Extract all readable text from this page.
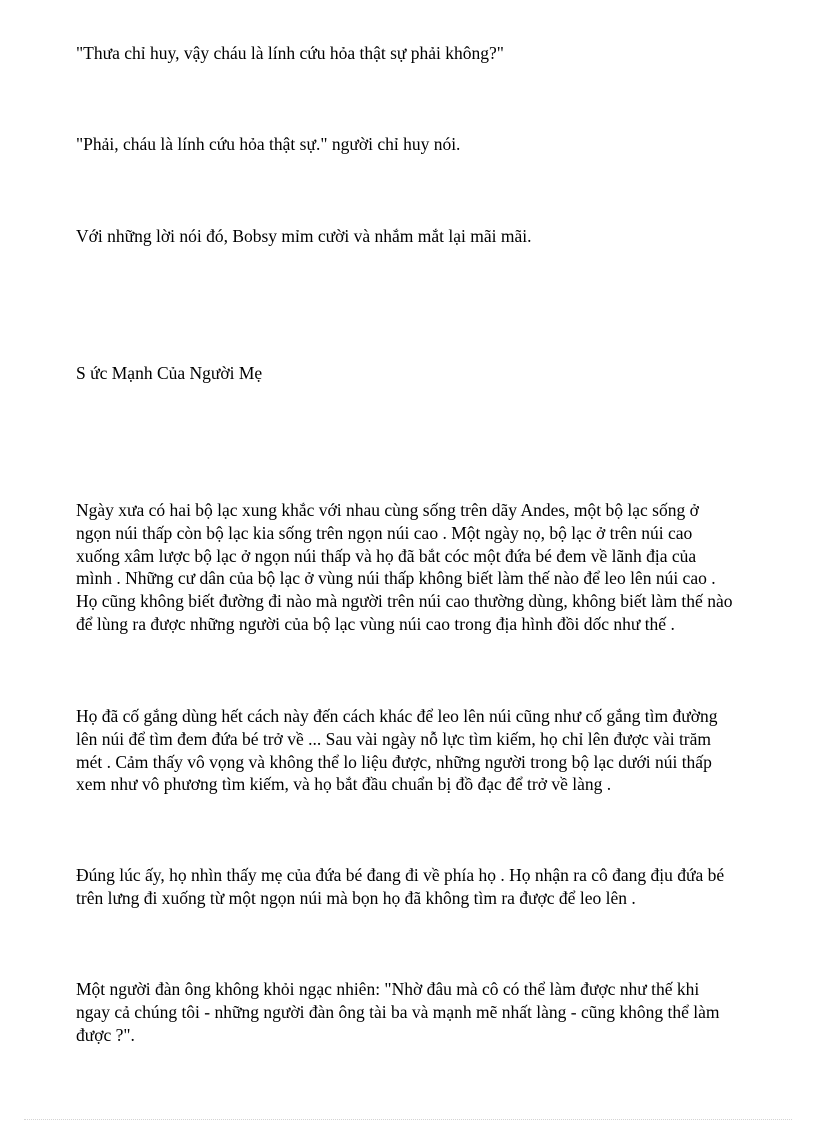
"Thưa chỉ huy, vậy cháu là lính cứu hỏa thật sự phải không?"

"Phải, cháu là lính cứu hỏa thật sự." người chỉ huy nói.

Với những lời nói đó, Bobsy mỉm cười và nhắm mắt lại mãi mãi.

S ức Mạnh Của Người Mẹ

Ngày xưa có hai bộ lạc xung khắc với nhau cùng sống trên dãy Andes, một bộ lạc sống ở
ngọn núi thấp còn bộ lạc kia sống trên ngọn núi cao . Một ngày nọ, bộ lạc ở trên núi cao
xuống xâm lược bộ lạc ở ngọn núi thấp và họ đã bắt cóc một đứa bé đem về lãnh địa của
mình . Những cư dân của bộ lạc ở vùng núi thấp không biết làm thế nào để leo lên núi cao .
Họ cũng không biết đường đi nào mà người trên núi cao thường dùng, không biết làm thế nào
để lùng ra được những người của bộ lạc vùng núi cao trong địa hình đồi dốc như thế .

Họ đã cố gắng dùng hết cách này đến cách khác để leo lên núi cũng như cố gắng tìm đường
lên núi để tìm đem đứa bé trở về ... Sau vài ngày nỗ lực tìm kiếm, họ chỉ lên được vài trăm
mét . Cảm thấy vô vọng và không thể lo liệu được, những người trong bộ lạc dưới núi thấp
xem như vô phương tìm kiếm, và họ bắt đầu chuẩn bị đồ đạc để trở về làng .

Đúng lúc ấy, họ nhìn thấy mẹ của đứa bé đang đi về phía họ . Họ nhận ra cô đang địu đứa bé
trên lưng đi xuống từ một ngọn núi mà bọn họ đã không tìm ra được để leo lên .

Một người đàn ông không khỏi ngạc nhiên: "Nhờ đâu mà cô có thể làm được như thế khi
ngay cả chúng tôi - những người đàn ông tài ba và mạnh mẽ nhất làng - cũng không thể làm
được ?".
